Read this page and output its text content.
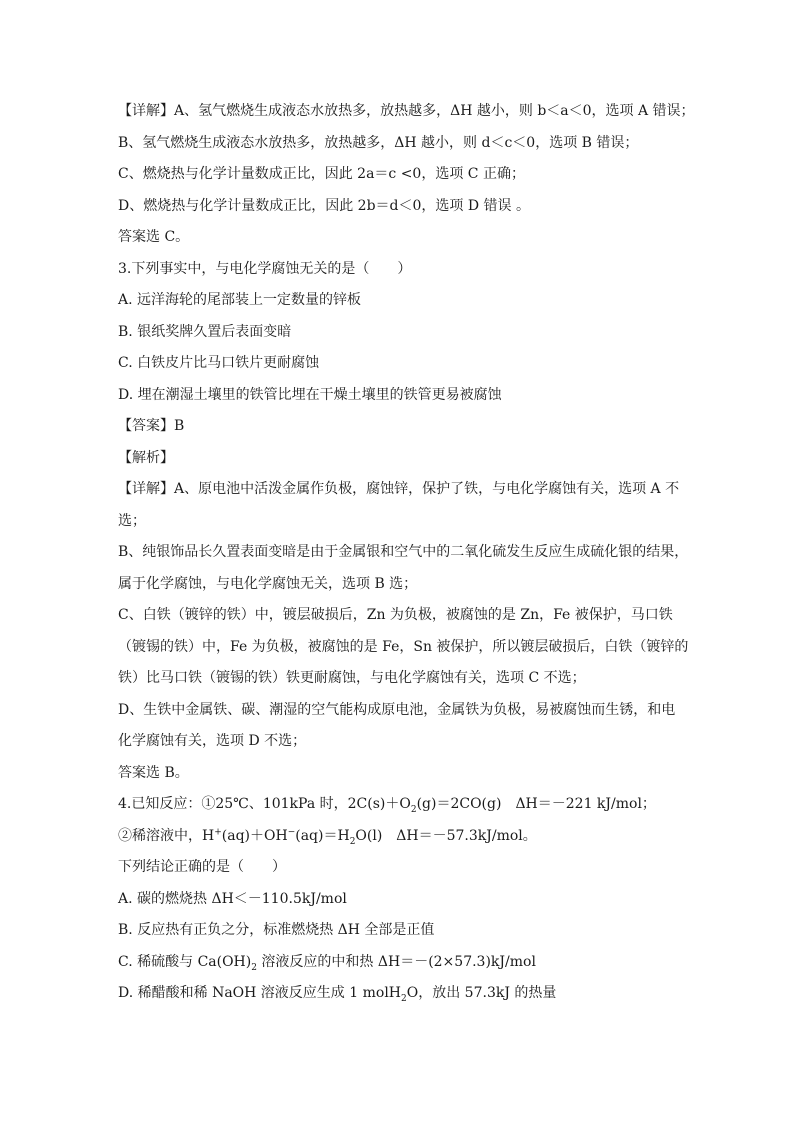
【详解】A、氢气燃烧生成液态水放热多，放热越多，ΔH 越小，则 b＜a＜0，选项 A 错误；
B、氢气燃烧生成液态水放热多，放热越多，ΔH 越小，则 d＜c＜0，选项 B 错误；
C、燃烧热与化学计量数成正比，因此 2a＝c <0，选项 C 正确；
D、燃烧热与化学计量数成正比，因此 2b＝d＜0，选项 D 错误 。
答案选 C。
3.下列事实中，与电化学腐蚀无关的是（　　）
A. 远洋海轮的尾部装上一定数量的锌板
B. 银纸奖牌久置后表面变暗
C. 白铁皮片比马口铁片更耐腐蚀
D. 埋在潮湿土壤里的铁管比埋在干燥土壤里的铁管更易被腐蚀
【答案】B
【解析】
【详解】A、原电池中活泼金属作负极，腐蚀锌，保护了铁，与电化学腐蚀有关，选项 A 不
选；
B、纯银饰品长久置表面变暗是由于金属银和空气中的二氧化硫发生反应生成硫化银的结果，
属于化学腐蚀，与电化学腐蚀无关，选项 B 选；
C、白铁（镀锌的铁）中，镀层破损后，Zn 为负极，被腐蚀的是 Zn，Fe 被保护，马口铁
（镀锡的铁）中，Fe 为负极，被腐蚀的是 Fe，Sn 被保护，所以镀层破损后，白铁（镀锌的
铁）比马口铁（镀锡的铁）铁更耐腐蚀，与电化学腐蚀有关，选项 C 不选；
D、生铁中金属铁、碳、潮湿的空气能构成原电池，金属铁为负极，易被腐蚀而生锈，和电
化学腐蚀有关，选项 D 不选；
答案选 B。
4.已知反应：①25℃、101kPa 时，$2C(s)+O_2(g)=2CO(g)$　ΔH＝－221 kJ/mol；
②稀溶液中，$H^+(aq)+OH^-(aq)=H_2O(l)$　ΔH＝－57.3kJ/mol。
下列结论正确的是（　　）
A. 碳的燃烧热 ΔH＜－110.5kJ/mol
B. 反应热有正负之分，标准燃烧热 ΔH 全部是正值
C. 稀硫酸与 $Ca(OH)_2$ 溶液反应的中和热 ΔH＝－(2×57.3)kJ/mol
D. 稀醋酸和稀 NaOH 溶液反应生成 1 molH$_2$O，放出 57.3kJ 的热量
